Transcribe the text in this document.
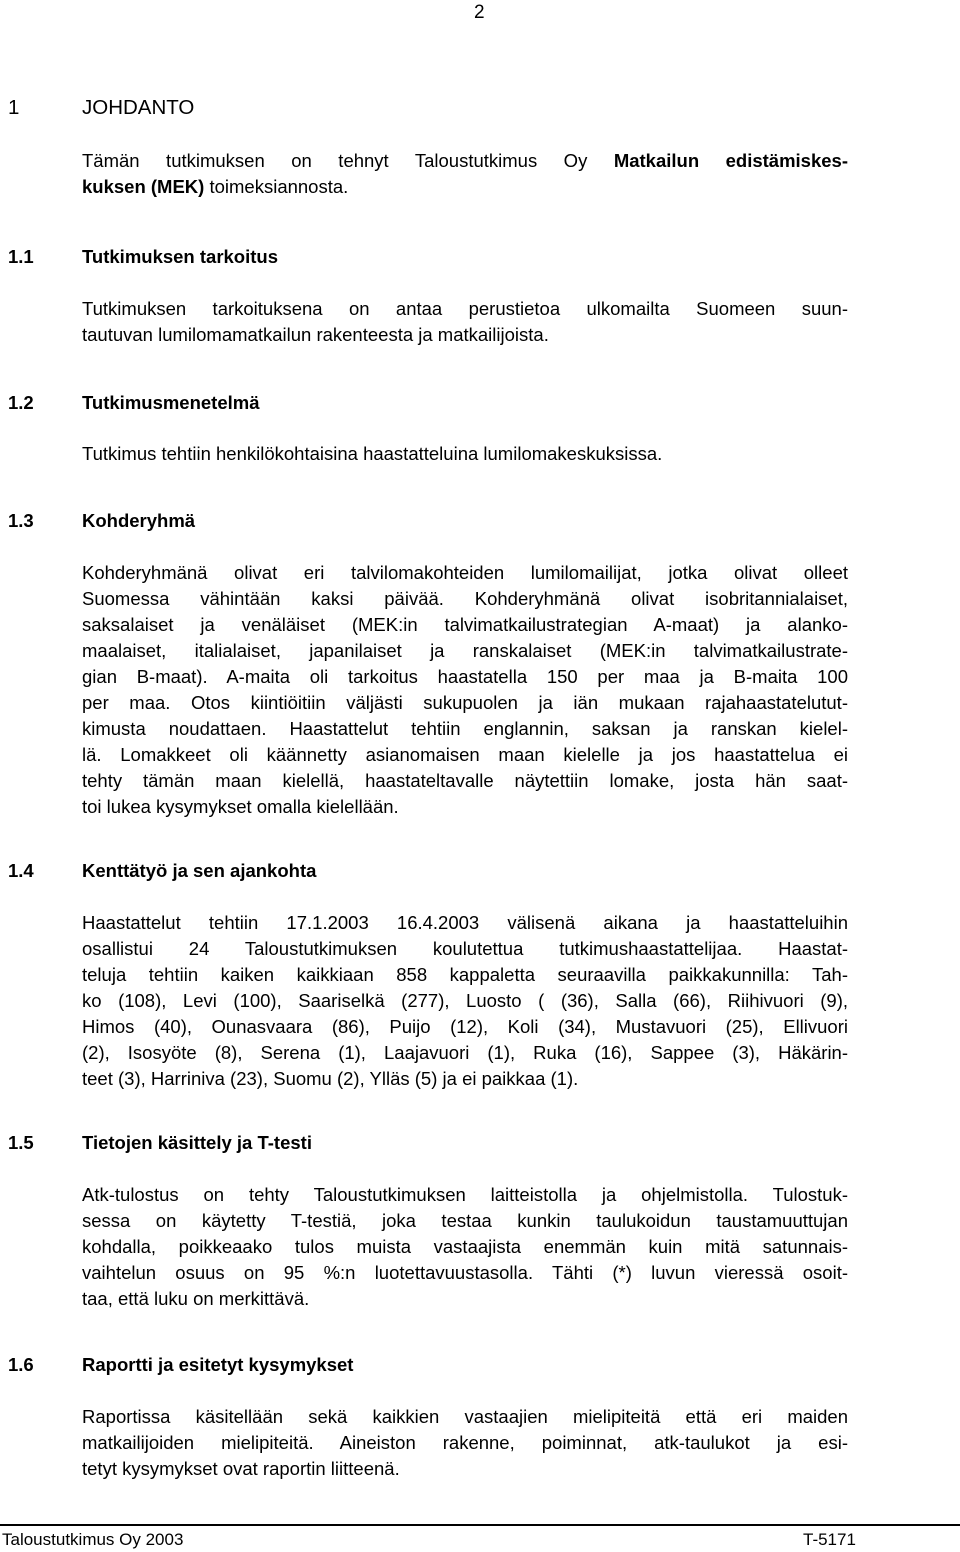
2
1	JOHDANTO
Tämän tutkimuksen on tehnyt Taloustutkimus Oy Matkailun edistämiskes-
kuksen (MEK) toimeksiannosta.
1.1	Tutkimuksen tarkoitus
Tutkimuksen tarkoituksena on antaa perustietoa ulkomailta Suomeen suun-
tautuvan lumilomamatkailun rakenteesta ja matkailijoista.
1.2	Tutkimusmenetelmä
Tutkimus tehtiin henkilökohtaisina haastatteluina lumilomakeskuksissa.
1.3	Kohderyhmä
Kohderyhmänä olivat eri talvilomakohteiden lumilomailijat, jotka olivat olleet
Suomessa vähintään kaksi päivää. Kohderyhmänä olivat isobritannialaiset,
saksalaiset ja venäläiset (MEK:in talvimatkailustrategian A-maat) ja alanko-
maalaiset, italialaiset, japanilaiset ja ranskalaiset (MEK:in talvimatkailustrate-
gian B-maat). A-maita oli tarkoitus haastatella 150 per maa ja B-maita 100
per maa. Otos kiintiöitiin väljästi sukupuolen ja iän mukaan rajahaastatelutut-
kimusta noudattaen. Haastattelut tehtiin englannin, saksan ja ranskan kielel-
lä. Lomakkeet oli käännetty asianomaisen maan kielelle ja jos haastattelua ei
tehty tämän maan kielellä, haastateltavalle näytettiin lomake, josta hän saat-
toi lukea kysymykset omalla kielellään.
1.4	Kenttätyö ja sen ajankohta
Haastattelut tehtiin 17.1.2003 16.4.2003 välisenä aikana ja haastatteluihin
osallistui 24 Taloustutkimuksen koulutettua tutkimushaastattelijaa. Haastat-
teluja tehtiin kaiken kaikkiaan 858 kappaletta seuraavilla paikkakunnilla: Tah-
ko (108), Levi (100), Saariselkä (277), Luosto ( (36), Salla (66), Riihivuori (9),
Himos (40), Ounasvaara (86), Puijo (12), Koli (34), Mustavuori (25), Ellivuori
(2), Isosyöte (8), Serena (1), Laajavuori (1), Ruka (16), Sappee (3), Häkärin-
teet (3), Harriniva (23), Suomu (2), Ylläs (5) ja ei paikkaa (1).
1.5	Tietojen käsittely ja T-testi
Atk-tulostus on tehty Taloustutkimuksen laitteistolla ja ohjelmistolla. Tulostuk-
sessa on käytetty T-testiä, joka testaa kunkin taulukoidun taustamuuttujan
kohdalla, poikkeaako tulos muista vastaajista enemmän kuin mitä satunnais-
vaihtelun osuus on 95 %:n luotettavuustasolla. Tähti (*) luvun vieressä osoit-
taa, että luku on merkittävä.
1.6	Raportti ja esitetyt kysymykset
Raportissa käsitellään sekä kaikkien vastaajien mielipiteitä että eri maiden
matkailijoiden mielipiteitä. Aineiston rakenne, poiminnat, atk-taulukot ja esi-
tetyt kysymykset ovat raportin liitteenä.
Taloustutkimus Oy 2003	T-5171
